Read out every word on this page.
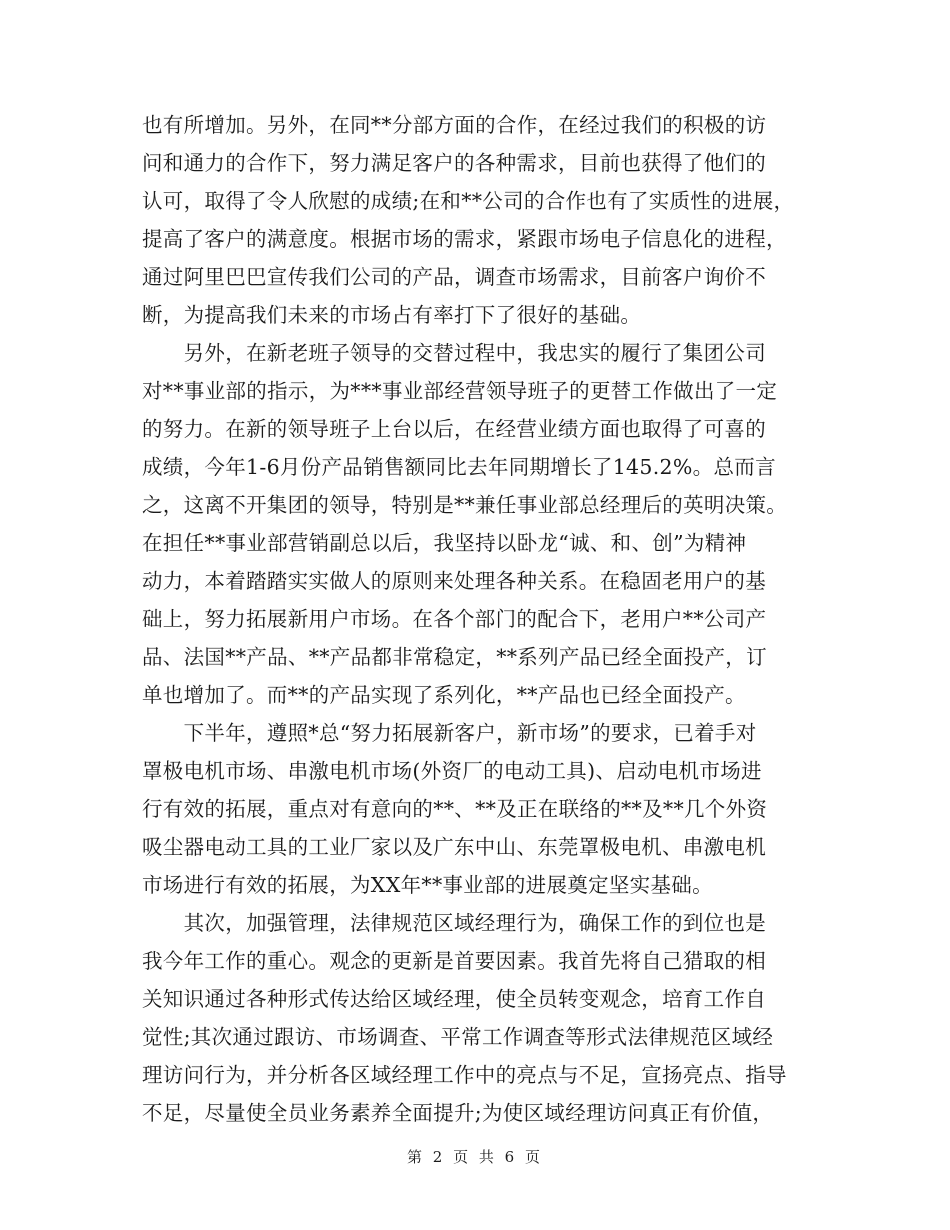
也有所增加。另外，在同**分部方面的合作，在经过我们的积极的访
问和通力的合作下，努力满足客户的各种需求，目前也获得了他们的
认可，取得了令人欣慰的成绩;在和**公司的合作也有了实质性的进展，
提高了客户的满意度。根据市场的需求，紧跟市场电子信息化的进程，
通过阿里巴巴宣传我们公司的产品，调查市场需求，目前客户询价不
断，为提高我们未来的市场占有率打下了很好的基础。
　　另外，在新老班子领导的交替过程中，我忠实的履行了集团公司
对**事业部的指示，为***事业部经营领导班子的更替工作做出了一定
的努力。在新的领导班子上台以后，在经营业绩方面也取得了可喜的
成绩，今年1-6月份产品销售额同比去年同期增长了145.2%。总而言
之，这离不开集团的领导，特别是**兼任事业部总经理后的英明决策。
在担任**事业部营销副总以后，我坚持以卧龙“诚、和、创”为精神
动力，本着踏踏实实做人的原则来处理各种关系。在稳固老用户的基
础上，努力拓展新用户市场。在各个部门的配合下，老用户**公司产
品、法国**产品、**产品都非常稳定，**系列产品已经全面投产，订
单也增加了。而**的产品实现了系列化，**产品也已经全面投产。
　　下半年，遵照*总“努力拓展新客户，新市场”的要求，已着手对
罩极电机市场、串激电机市场(外资厂的电动工具)、启动电机市场进
行有效的拓展，重点对有意向的**、**及正在联络的**及**几个外资
吸尘器电动工具的工业厂家以及广东中山、东莞罩极电机、串激电机
市场进行有效的拓展，为XX年**事业部的进展奠定坚实基础。
　　其次，加强管理，法律规范区域经理行为，确保工作的到位也是
我今年工作的重心。观念的更新是首要因素。我首先将自己猎取的相
关知识通过各种形式传达给区域经理，使全员转变观念，培育工作自
觉性;其次通过跟访、市场调查、平常工作调查等形式法律规范区域经
理访问行为，并分析各区域经理工作中的亮点与不足，宣扬亮点、指导
不足，尽量使全员业务素养全面提升;为使区域经理访问真正有价值，
第 2 页 共 6 页
